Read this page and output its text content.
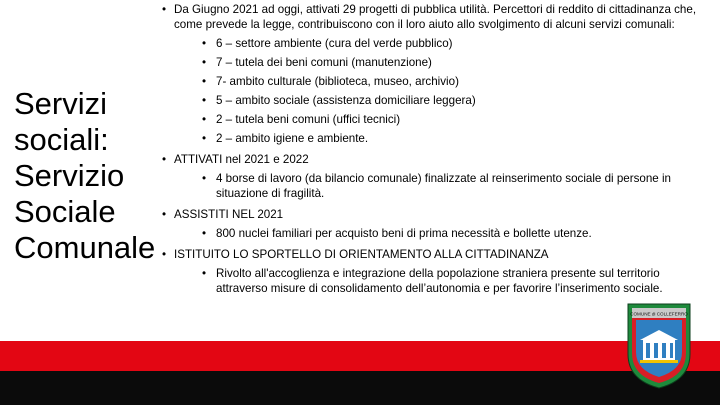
Servizi
sociali:
Servizio
Sociale
Comunale
• Da Giugno 2021 ad oggi, attivati 29 progetti di pubblica utilità. Percettori di reddito di cittadinanza che, come prevede la legge, contribuiscono con il loro aiuto allo svolgimento di alcuni servizi comunali:
• 6 – settore ambiente (cura del verde pubblico)
• 7 – tutela dei beni comuni (manutenzione)
• 7- ambito culturale (biblioteca, museo, archivio)
• 5 – ambito sociale (assistenza domiciliare leggera)
• 2 – tutela beni comuni (uffici tecnici)
• 2 – ambito igiene e ambiente.
• ATTIVATI nel 2021 e 2022
• 4 borse di lavoro (da bilancio comunale) finalizzate al reinserimento sociale di persone in situazione di fragilità.
• ASSISTITI NEL 2021
• 800 nuclei familiari per acquisto beni di prima necessità e bollette utenze.
• ISTITUITO LO SPORTELLO DI ORIENTAMENTO ALLA CITTADINANZA
• Rivolto all'accoglienza e integrazione della popolazione straniera presente sul territorio attraverso misure di consolidamento dell’autonomia e per favorire l’inserimento sociale.
COMUNE di COLLEFERRO
